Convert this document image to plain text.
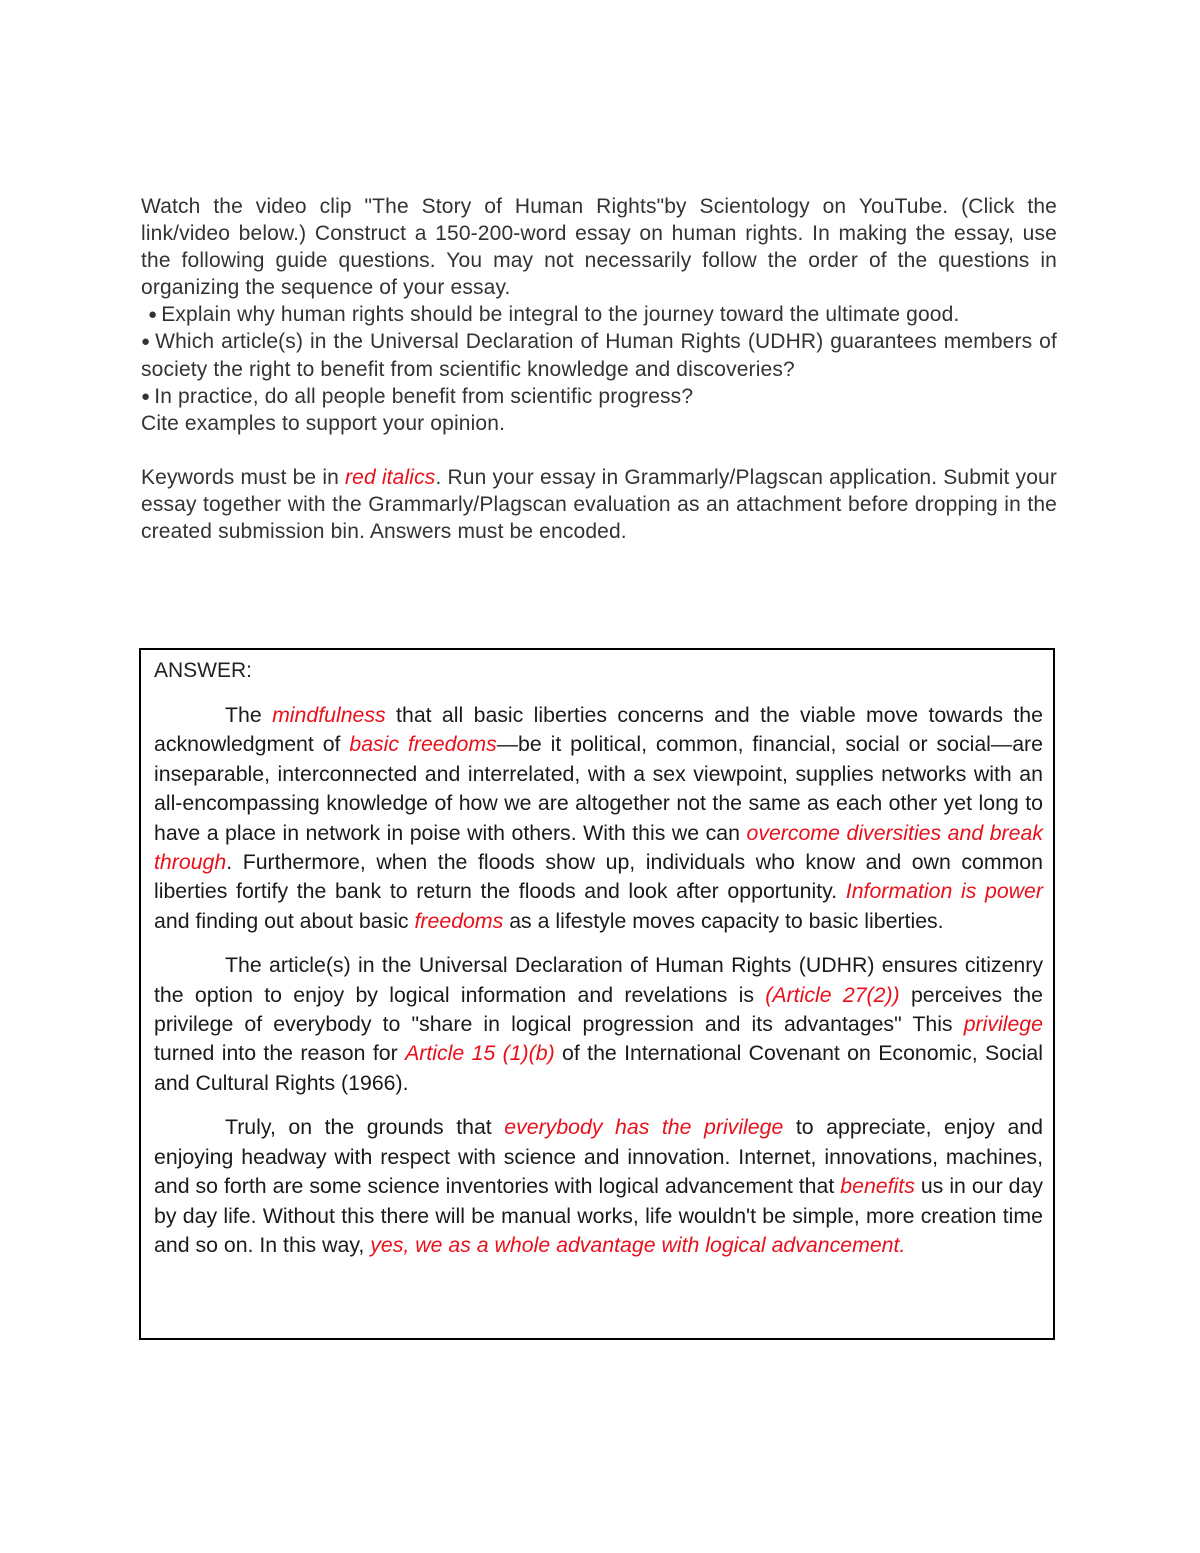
Watch the video clip "The Story of Human Rights"by Scientology on YouTube. (Click the link/video below.) Construct a 150-200-word essay on human rights. In making the essay, use the following guide questions. You may not necessarily follow the order of the questions in organizing the sequence of your essay.

● Explain why human rights should be integral to the journey toward the ultimate good.

● Which article(s) in the Universal Declaration of Human Rights (UDHR) guarantees members of society the right to benefit from scientific knowledge and discoveries?

● In practice, do all people benefit from scientific progress?

Cite examples to support your opinion.

Keywords must be in red italics. Run your essay in Grammarly/Plagscan application. Submit your essay together with the Grammarly/Plagscan evaluation as an attachment before dropping in the created submission bin. Answers must be encoded.

ANSWER:

The mindfulness that all basic liberties concerns and the viable move towards the acknowledgment of basic freedoms—be it political, common, financial, social or social—are inseparable, interconnected and interrelated, with a sex viewpoint, supplies networks with an all-encompassing knowledge of how we are altogether not the same as each other yet long to have a place in network in poise with others. With this we can overcome diversities and break through. Furthermore, when the floods show up, individuals who know and own common liberties fortify the bank to return the floods and look after opportunity. Information is power and finding out about basic freedoms as a lifestyle moves capacity to basic liberties.

The article(s) in the Universal Declaration of Human Rights (UDHR) ensures citizenry the option to enjoy by logical information and revelations is (Article 27(2)) perceives the privilege of everybody to "share in logical progression and its advantages" This privilege turned into the reason for Article 15 (1)(b) of the International Covenant on Economic, Social and Cultural Rights (1966).

Truly, on the grounds that everybody has the privilege to appreciate, enjoy and enjoying headway with respect with science and innovation. Internet, innovations, machines, and so forth are some science inventories with logical advancement that benefits us in our day by day life. Without this there will be manual works, life wouldn't be simple, more creation time and so on. In this way, yes, we as a whole advantage with logical advancement.
